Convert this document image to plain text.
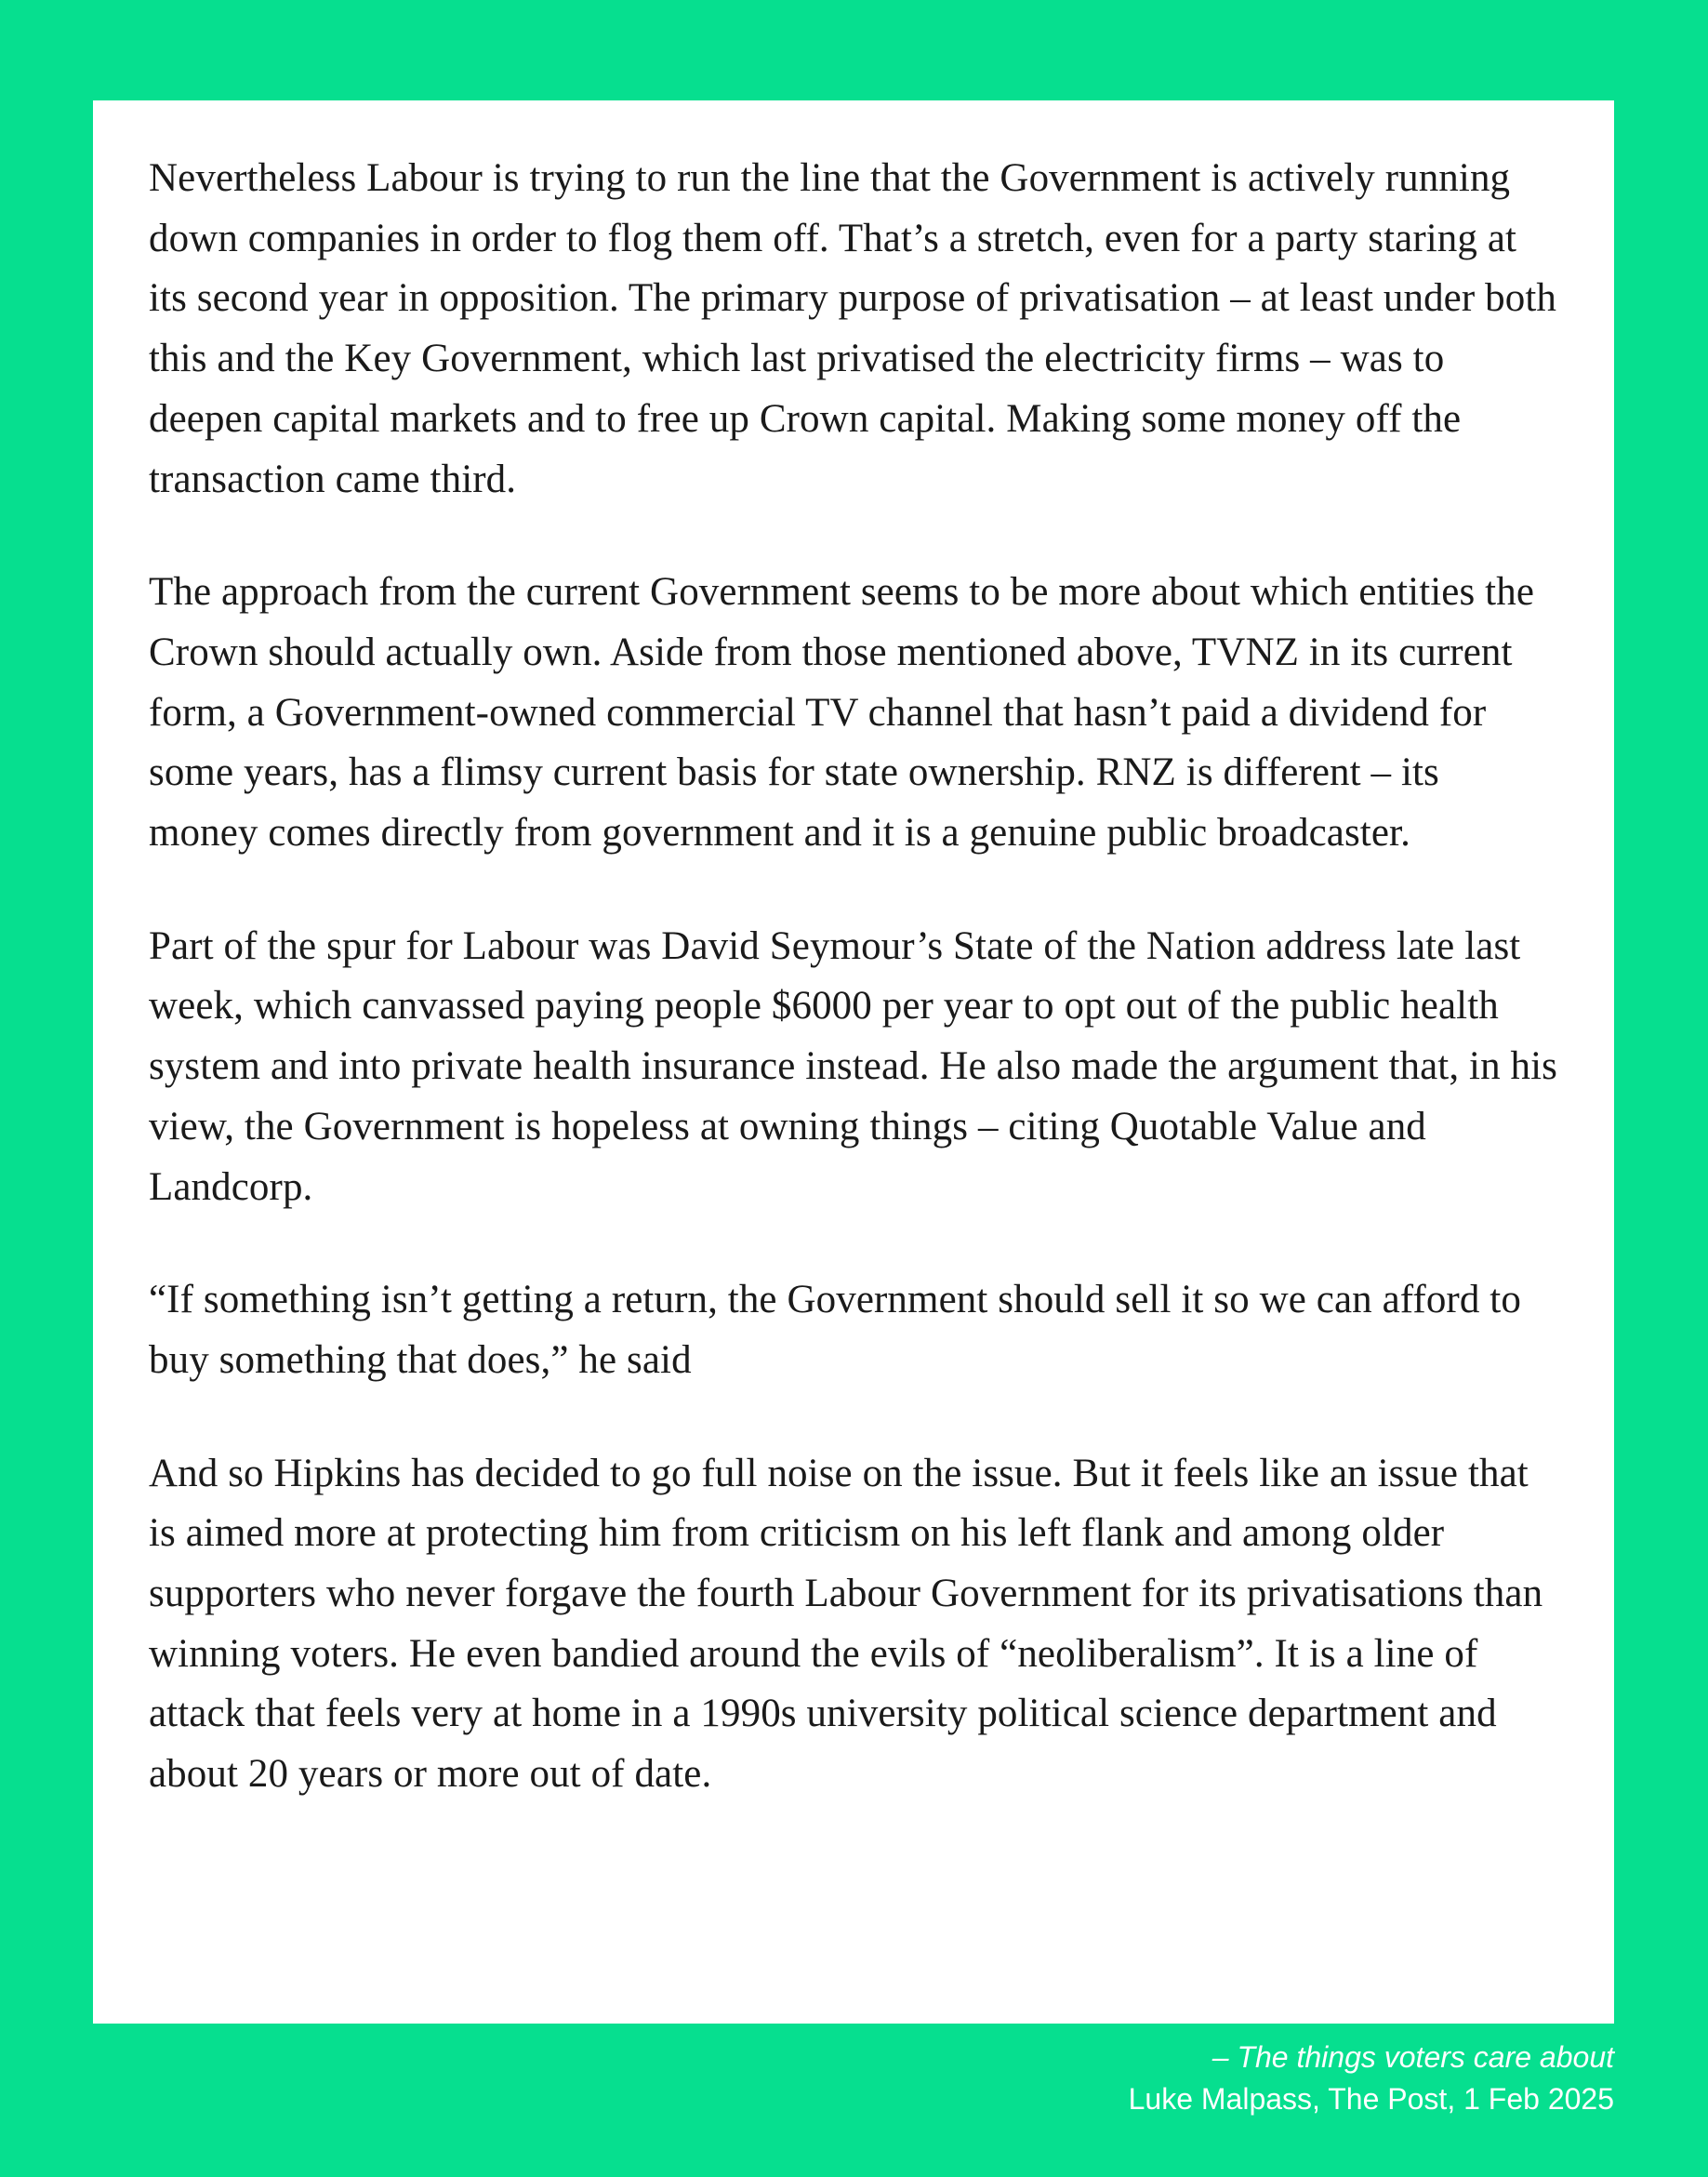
Nevertheless Labour is trying to run the line that the Government is actively running down companies in order to flog them off. That’s a stretch, even for a party staring at its second year in opposition. The primary purpose of privatisation – at least under both this and the Key Government, which last privatised the electricity firms – was to deepen capital markets and to free up Crown capital. Making some money off the transaction came third.

The approach from the current Government seems to be more about which entities the Crown should actually own. Aside from those mentioned above, TVNZ in its current form, a Government-owned commercial TV channel that hasn’t paid a dividend for some years, has a flimsy current basis for state ownership. RNZ is different – its money comes directly from government and it is a genuine public broadcaster.

Part of the spur for Labour was David Seymour’s State of the Nation address late last week, which canvassed paying people $6000 per year to opt out of the public health system and into private health insurance instead. He also made the argument that, in his view, the Government is hopeless at owning things – citing Quotable Value and Landcorp.

“If something isn’t getting a return, the Government should sell it so we can afford to buy something that does,” he said

And so Hipkins has decided to go full noise on the issue. But it feels like an issue that is aimed more at protecting him from criticism on his left flank and among older supporters who never forgave the fourth Labour Government for its privatisations than winning voters. He even bandied around the evils of “neoliberalism”. It is a line of attack that feels very at home in a 1990s university political science department and about 20 years or more out of date.

– The things voters care about
Luke Malpass, The Post, 1 Feb 2025
